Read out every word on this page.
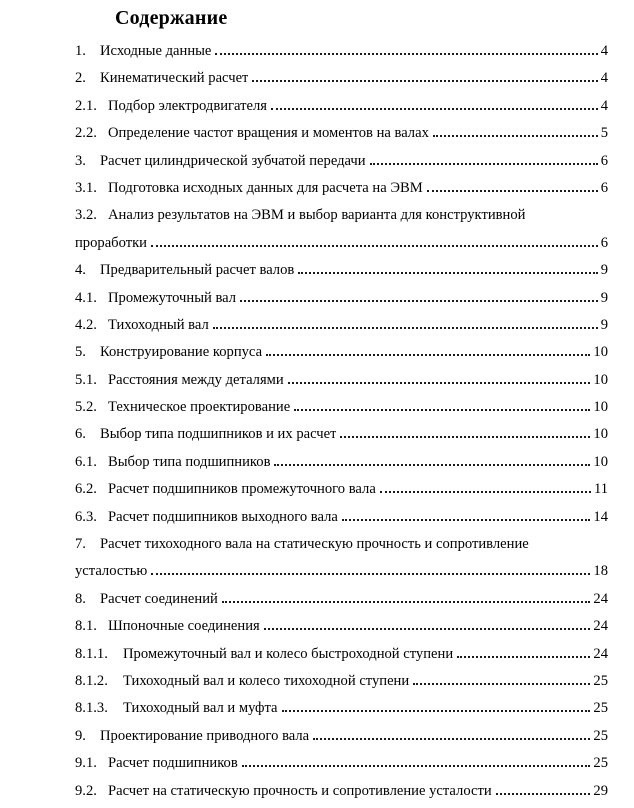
Содержание
1. Исходные данные	4
2. Кинематический расчет	4
2.1. Подбор электродвигателя	4
2.2. Определение частот вращения и моментов на валах	5
3. Расчет цилиндрической зубчатой передачи	6
3.1. Подготовка исходных данных для расчета на ЭВМ	6
3.2. Анализ результатов на ЭВМ и выбор варианта для конструктивной
проработки	6
4. Предварительный расчет валов	9
4.1. Промежуточный вал	9
4.2. Тихоходный вал	9
5. Конструирование корпуса	10
5.1. Расстояния между деталями	10
5.2. Техническое проектирование	10
6. Выбор типа подшипников и их расчет	10
6.1. Выбор типа подшипников	10
6.2. Расчет подшипников промежуточного вала	11
6.3. Расчет подшипников выходного вала	14
7. Расчет тихоходного вала на статическую прочность и сопротивление
усталостью	18
8. Расчет соединений	24
8.1. Шпоночные соединения	24
8.1.1.	Промежуточный вал и колесо быстроходной ступени	24
8.1.2.	Тихоходный вал и колесо тихоходной ступени	25
8.1.3.	Тихоходный вал и муфта	25
9. Проектирование приводного вала	25
9.1. Расчет подшипников	25
9.2. Расчет на статическую прочность и сопротивление усталости	29
